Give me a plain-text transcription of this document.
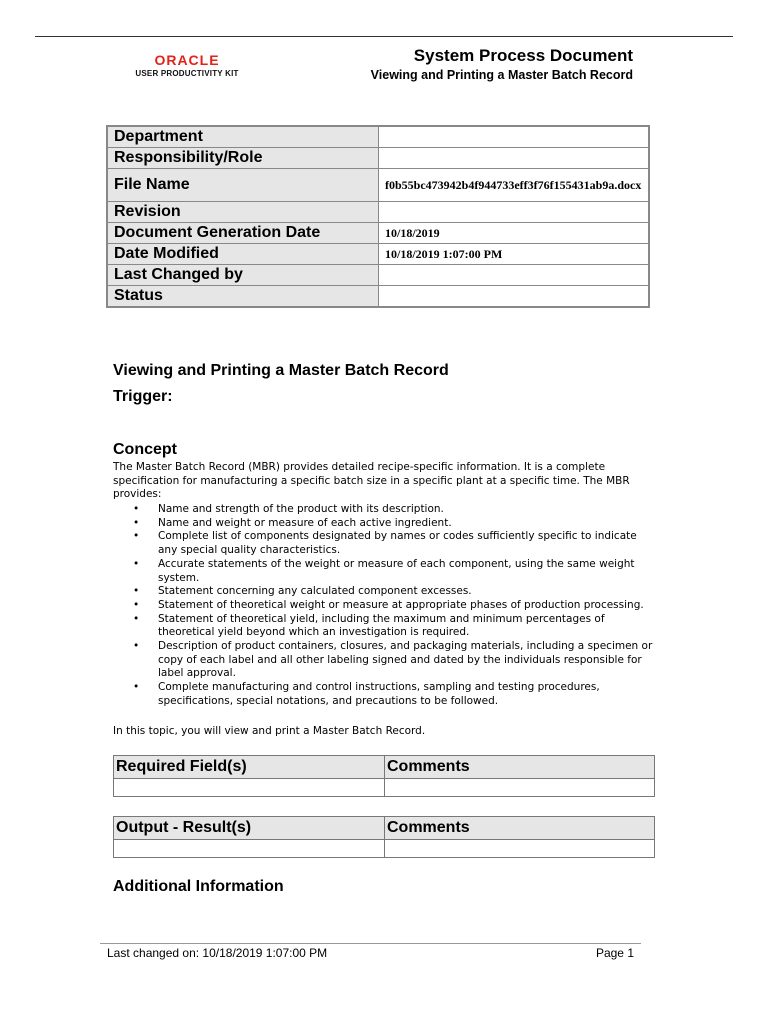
ORACLE
USER PRODUCTIVITY KIT
System Process Document
Viewing and Printing a Master Batch Record
Department	
Responsibility/Role	
File Name	f0b55bc473942b4f944733eff3f76f155431ab9a.docx
Revision	
Document Generation Date	10/18/2019
Date Modified	10/18/2019 1:07:00 PM
Last Changed by	
Status	
Viewing and Printing a Master Batch Record
Trigger:
Concept
The Master Batch Record (MBR) provides detailed recipe-specific information. It is a complete specification for manufacturing a specific batch size in a specific plant at a specific time. The MBR provides:
• Name and strength of the product with its description.
• Name and weight or measure of each active ingredient.
• Complete list of components designated by names or codes sufficiently specific to indicate any special quality characteristics.
• Accurate statements of the weight or measure of each component, using the same weight system.
• Statement concerning any calculated component excesses.
• Statement of theoretical weight or measure at appropriate phases of production processing.
• Statement of theoretical yield, including the maximum and minimum percentages of theoretical yield beyond which an investigation is required.
• Description of product containers, closures, and packaging materials, including a specimen or copy of each label and all other labeling signed and dated by the individuals responsible for label approval.
• Complete manufacturing and control instructions, sampling and testing procedures, specifications, special notations, and precautions to be followed.
In this topic, you will view and print a Master Batch Record.
Required Field(s)	Comments

Output - Result(s)	Comments

Additional Information
Last changed on: 10/18/2019 1:07:00 PM	Page 1
